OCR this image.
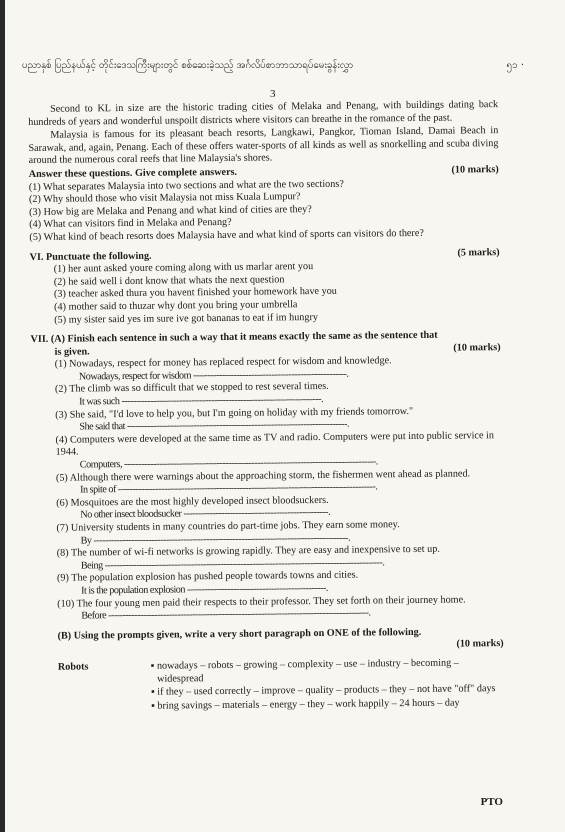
ပညာနှစ် ပြည်နယ်နှင့် တိုင်းဒေသကြီးများတွင် စစ်ဆေးခဲ့သည့် အင်္ဂလိပ်စာဘာသာရပ်မေးခွန်းလွှာ	၅၁ ·
3

Second to KL in size are the historic trading cities of Melaka and Penang, with buildings dating back hundreds of years and wonderful unspoilt districts where visitors can breathe in the romance of the past.

Malaysia is famous for its pleasant beach resorts, Langkawi, Pangkor, Tioman Island, Damai Beach in Sarawak, and, again, Penang. Each of these offers water-sports of all kinds as well as snorkelling and scuba diving around the numerous coral reefs that line Malaysia's shores.

Answer these questions. Give complete answers.	(10 marks)
(1) What separates Malaysia into two sections and what are the two sections?
(2) Why should those who visit Malaysia not miss Kuala Lumpur?
(3) How big are Melaka and Penang and what kind of cities are they?
(4) What can visitors find in Melaka and Penang?
(5) What kind of beach resorts does Malaysia have and what kind of sports can visitors do there?
VI. Punctuate the following.	(5 marks)
(1) her aunt asked youre coming along with us marlar arent you
(2) he said well i dont know that whats the next question
(3) teacher asked thura you havent finished your homework have you
(4) mother said to thuzar why dont you bring your umbrella
(5) my sister said yes im sure ive got bananas to eat if im hungry
VII. (A) Finish each sentence in such a way that it means exactly the same as the sentence that
is given.	(10 marks)
(1) Nowadays, respect for money has replaced respect for wisdom and knowledge.
Nowadays, respect for wisdom -----------------------------------------------------.
(2) The climb was so difficult that we stopped to rest several times.
It was such ---------------------------------------------------------------------.
(3) She said, "I'd love to help you, but I'm going on holiday with my friends tomorrow."
She said that ----------------------------------------------------------------------------.
(4) Computers were developed at the same time as TV and radio. Computers were put into public service in 1944.
Computers, ---------------------------------------------------------------------------------------.
(5) Although there were warnings about the approaching storm, the fishermen went ahead as planned.
In spite of -----------------------------------------------------------------------------------------.
(6) Mosquitoes are the most highly developed insect bloodsuckers.
No other insect bloodsucker --------------------------------------------------.
(7) University students in many countries do part-time jobs. They earn some money.
By ----------------------------------------------------------------------------------------.
(8) The number of wi-fi networks is growing rapidly. They are easy and inexpensive to set up.
Being ------------------------------------------------------------------------------------------------.
(9) The population explosion has pushed people towards towns and cities.
It is the population explosion ------------------------------------------------.
(10) The four young men paid their respects to their professor. They set forth on their journey home.
Before ------------------------------------------------------------------------------------------.
(B) Using the prompts given, write a very short paragraph on ONE of the following.
(10 marks)
Robots
▪	nowadays – robots – growing – complexity – use – industry – becoming – widespread
▪ if they – used correctly – improve – quality – products – they – not have "off" days
▪ bring savings – materials – energy – they – work happily – 24 hours – day
PTO
